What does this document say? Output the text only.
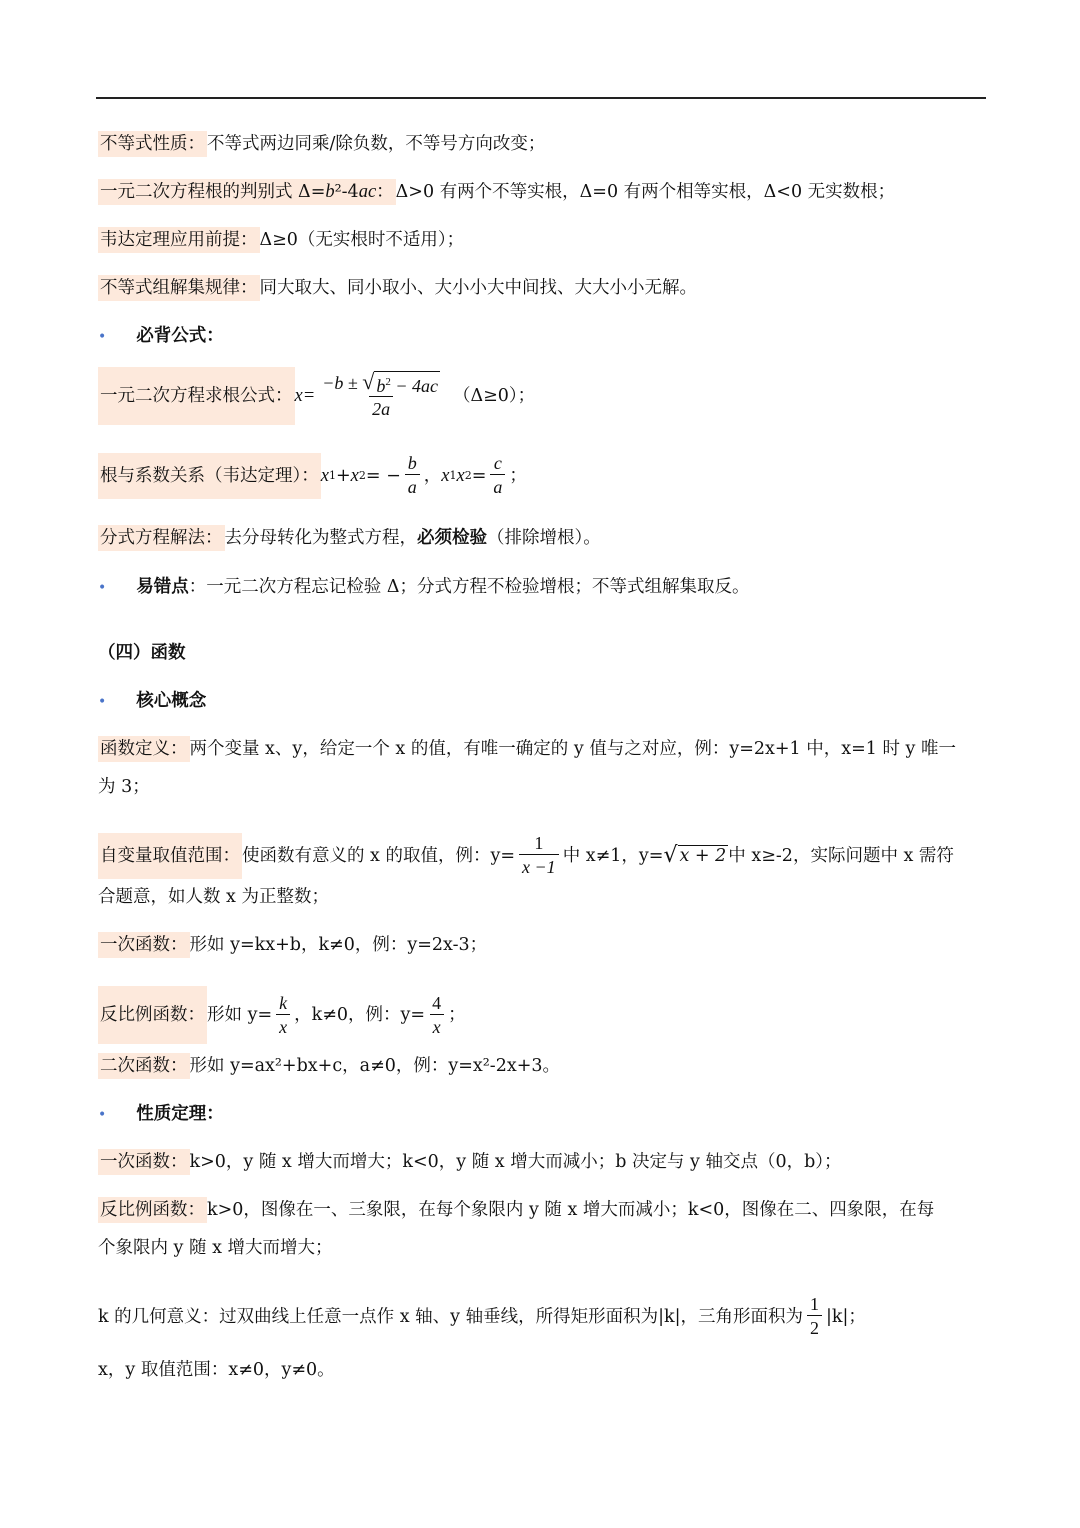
不等式性质： 不等式两边同乘/除负数，不等号方向改变；
一元二次方程根的判别式 Δ=b²-4ac： Δ>0 有两个不等实根，Δ=0 有两个相等实根，Δ<0 无实数根；
韦达定理应用前提： Δ≥0（无实根时不适用）；
不等式组解集规律： 同大取大、同小取小、大小小大中间找、大大小小无解。
• 必背公式：
一元二次方程求根公式： $x= \frac{-b \pm √ b^2 - 4ac}{2a} (\Delta\ge 0)$；
根与系数关系（韦达定理）： x 1 + x 2 = − $\frac{b}{a}$ ， x 1 x $2 = \frac{c}{a}$ ；
分式方程解法： 去分母转化为整式方程， 必须检验 （排除增根）。
• 易错点 ：一元二次方程忘记检验 Δ；分式方程不检验增根；不等式组解集取反。
（四）函数
• 核心概念
函数定义： 两个变量 x、y，给定一个 x 的值，有唯一确定的 y 值与之对应，例：y=2x+1 中，x=1 时 y 唯一
为 3；
自变量取值范围： 使函数有意义的 x 的取值，例：$y= \frac{1}{x -1}$ 中 x≠1，y= √ x + 2 中 x≥-2，实际问题中 x 需符
合题意，如人数 x 为正整数；
一次函数： 形如 y=kx+b，k≠0，例：y=2x-3；
反比例函数： 形如 $y= \frac{k}{x}$ ，k≠0，例：$y= \frac{4}{x}$ ；
二次函数： 形如 y=ax²+bx+c，a≠0，例：y=x²-2x+3。
• 性质定理：
一次函数： k>0，y 随 x 增大而增大；k<0，y 随 x 增大而减小；b 决定与 y 轴交点（0，b）；
反比例函数： k>0，图像在一、三象限，在每个象限内 y 随 x 增大而减小；k<0，图像在二、四象限，在每
个象限内 y 随 x 增大而增大；
k 的几何意义：过双曲线上任意一点作 x 轴、y 轴垂线，所得矩形面积为|k|，三角形面积为 $\frac{1}{2} |k|$；
x，y 取值范围：x≠0，y≠0。
